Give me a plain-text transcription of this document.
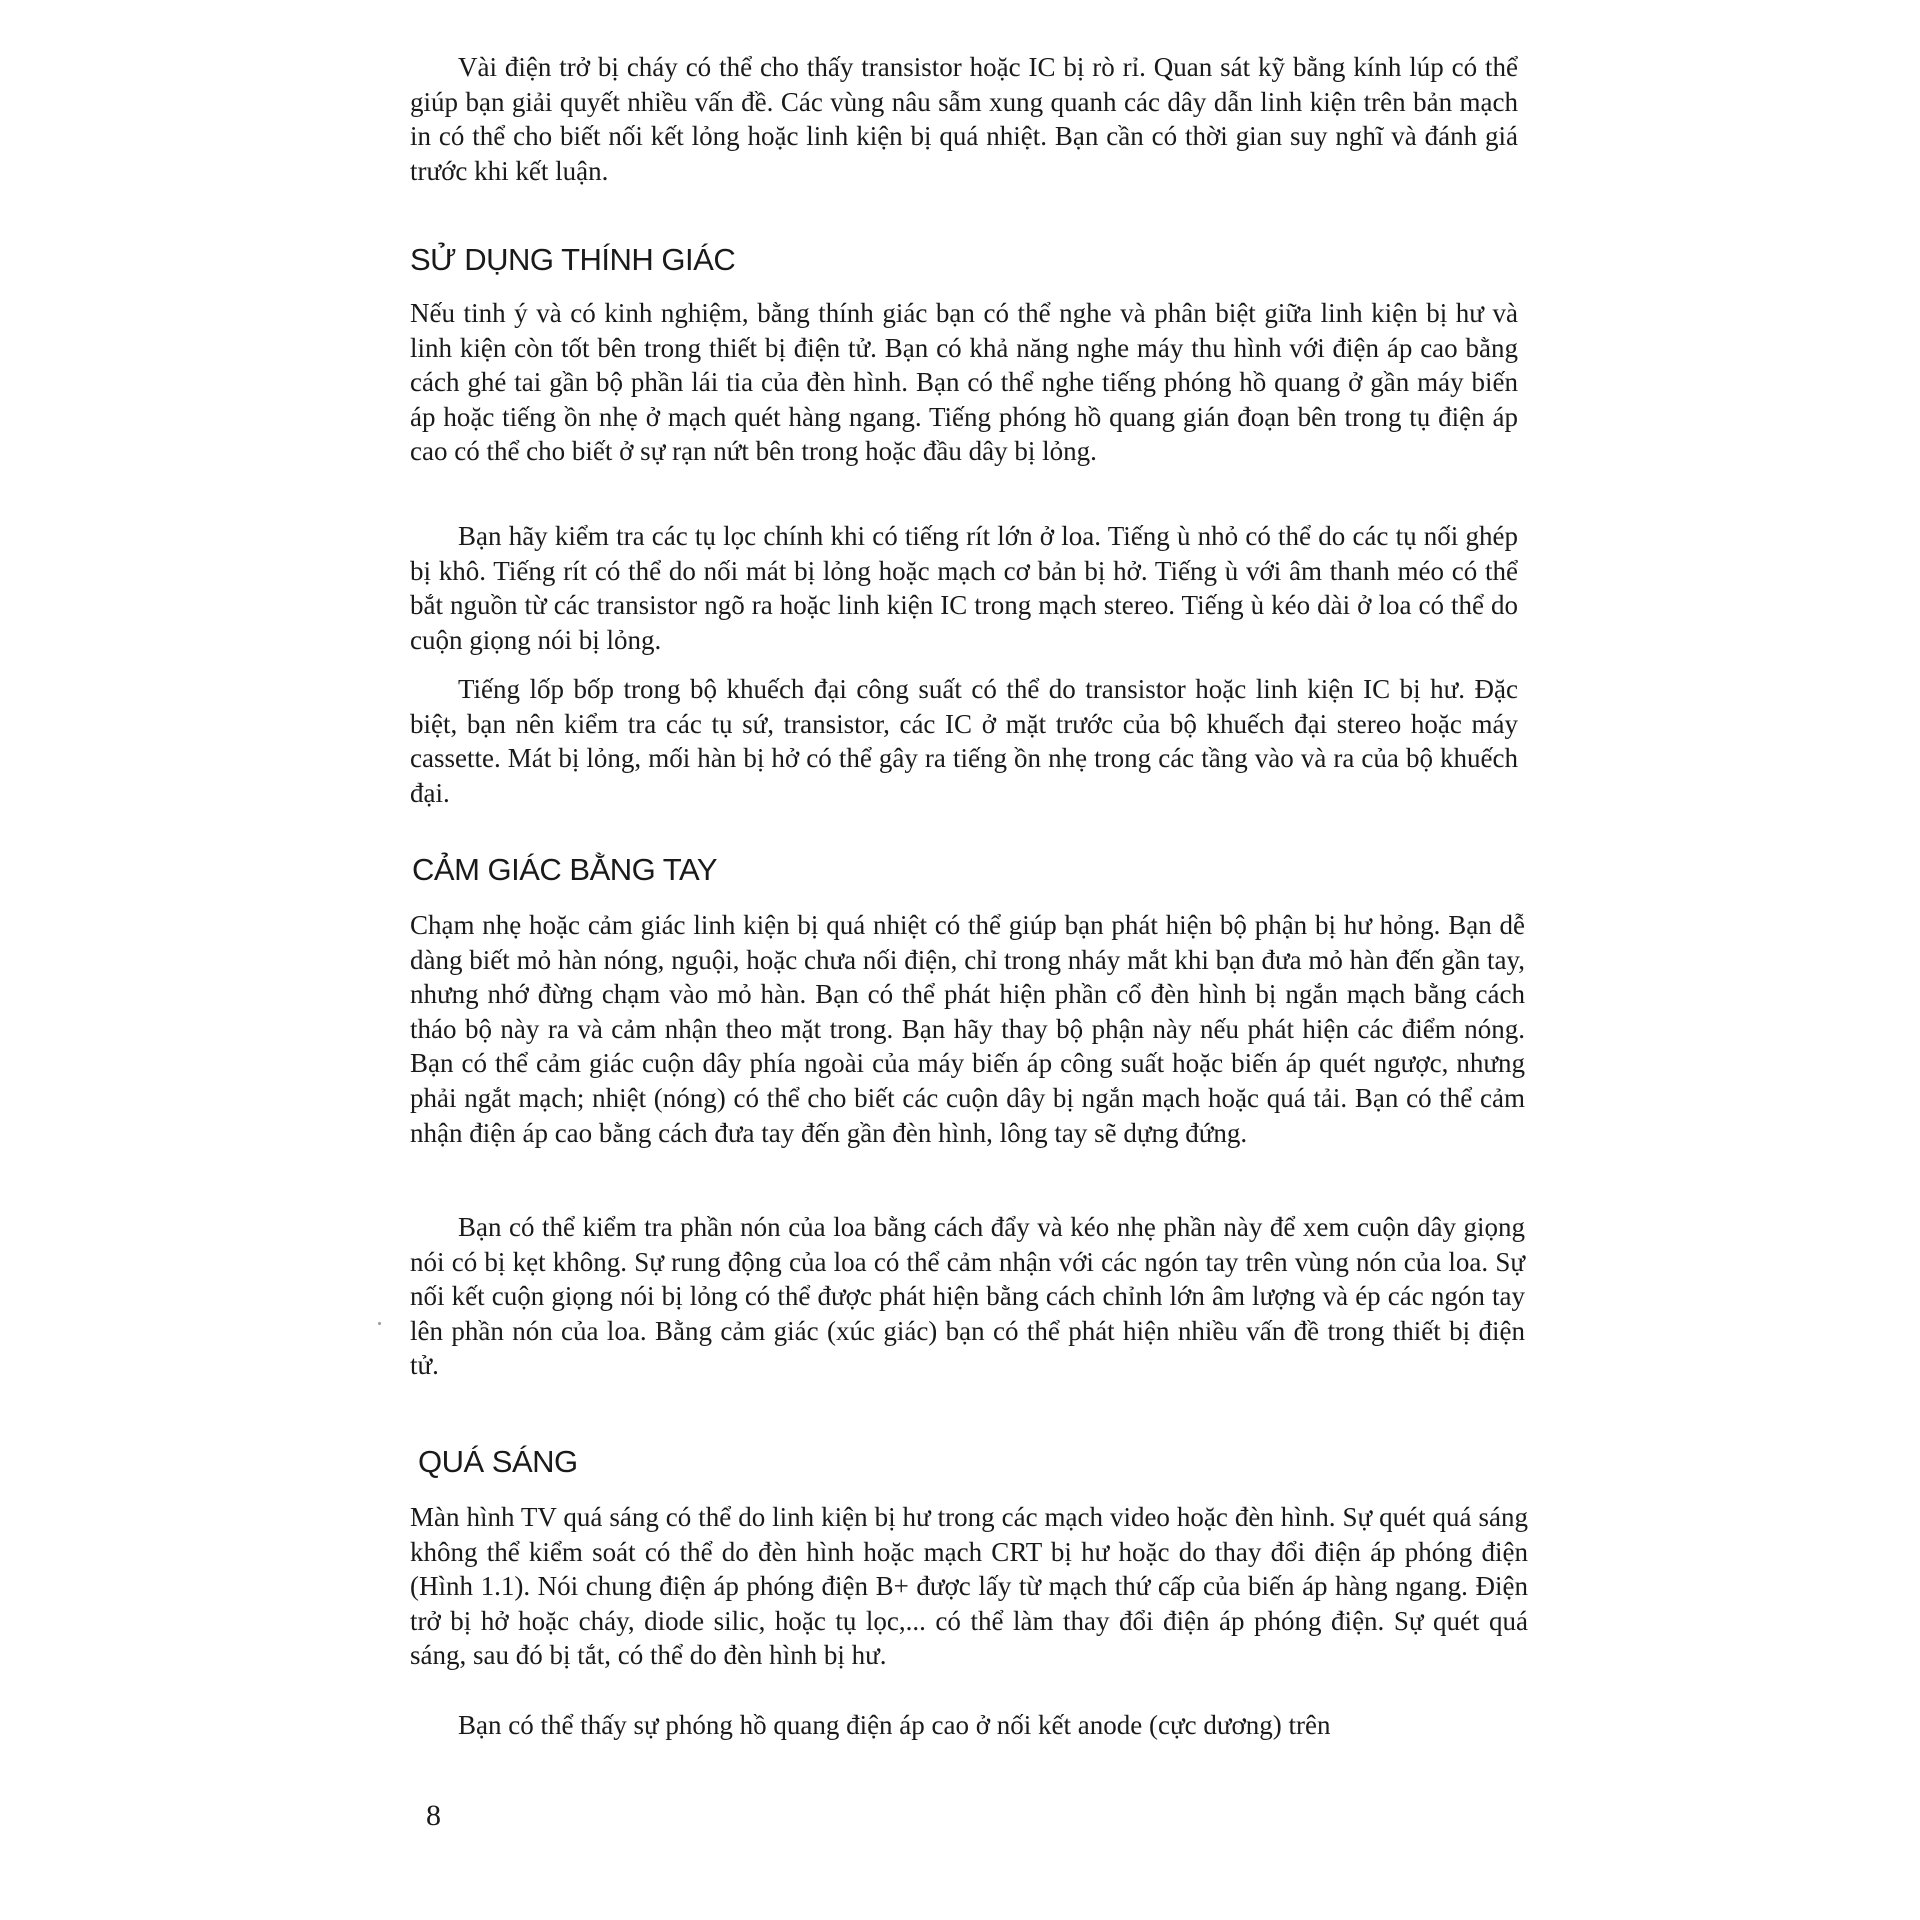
Vài điện trở bị cháy có thể cho thấy transistor hoặc IC bị rò rỉ. Quan sát kỹ bằng kính lúp có thể giúp bạn giải quyết nhiều vấn đề. Các vùng nâu sẫm xung quanh các dây dẫn linh kiện trên bản mạch in có thể cho biết nối kết lỏng hoặc linh kiện bị quá nhiệt. Bạn cần có thời gian suy nghĩ và đánh giá trước khi kết luận.

SỬ DỤNG THÍNH GIÁC

Nếu tinh ý và có kinh nghiệm, bằng thính giác bạn có thể nghe và phân biệt giữa linh kiện bị hư và linh kiện còn tốt bên trong thiết bị điện tử. Bạn có khả năng nghe máy thu hình với điện áp cao bằng cách ghé tai gần bộ phần lái tia của đèn hình. Bạn có thể nghe tiếng phóng hồ quang ở gần máy biến áp hoặc tiếng ồn nhẹ ở mạch quét hàng ngang. Tiếng phóng hồ quang gián đoạn bên trong tụ điện áp cao có thể cho biết ở sự rạn nứt bên trong hoặc đầu dây bị lỏng.

Bạn hãy kiểm tra các tụ lọc chính khi có tiếng rít lớn ở loa. Tiếng ù nhỏ có thể do các tụ nối ghép bị khô. Tiếng rít có thể do nối mát bị lỏng hoặc mạch cơ bản bị hở. Tiếng ù với âm thanh méo có thể bắt nguồn từ các transistor ngõ ra hoặc linh kiện IC trong mạch stereo. Tiếng ù kéo dài ở loa có thể do cuộn giọng nói bị lỏng.

Tiếng lốp bốp trong bộ khuếch đại công suất có thể do transistor hoặc linh kiện IC bị hư. Đặc biệt, bạn nên kiểm tra các tụ sứ, transistor, các IC ở mặt trước của bộ khuếch đại stereo hoặc máy cassette. Mát bị lỏng, mối hàn bị hở có thể gây ra tiếng ồn nhẹ trong các tầng vào và ra của bộ khuếch đại.

CẢM GIÁC BẰNG TAY

Chạm nhẹ hoặc cảm giác linh kiện bị quá nhiệt có thể giúp bạn phát hiện bộ phận bị hư hỏng. Bạn dễ dàng biết mỏ hàn nóng, nguội, hoặc chưa nối điện, chỉ trong nháy mắt khi bạn đưa mỏ hàn đến gần tay, nhưng nhớ đừng chạm vào mỏ hàn. Bạn có thể phát hiện phần cổ đèn hình bị ngắn mạch bằng cách tháo bộ này ra và cảm nhận theo mặt trong. Bạn hãy thay bộ phận này nếu phát hiện các điểm nóng. Bạn có thể cảm giác cuộn dây phía ngoài của máy biến áp công suất hoặc biến áp quét ngược, nhưng phải ngắt mạch; nhiệt (nóng) có thể cho biết các cuộn dây bị ngắn mạch hoặc quá tải. Bạn có thể cảm nhận điện áp cao bằng cách đưa tay đến gần đèn hình, lông tay sẽ dựng đứng.

Bạn có thể kiểm tra phần nón của loa bằng cách đẩy và kéo nhẹ phần này để xem cuộn dây giọng nói có bị kẹt không. Sự rung động của loa có thể cảm nhận với các ngón tay trên vùng nón của loa. Sự nối kết cuộn giọng nói bị lỏng có thể được phát hiện bằng cách chỉnh lớn âm lượng và ép các ngón tay lên phần nón của loa. Bằng cảm giác (xúc giác) bạn có thể phát hiện nhiều vấn đề trong thiết bị điện tử.

QUÁ SÁNG

Màn hình TV quá sáng có thể do linh kiện bị hư trong các mạch video hoặc đèn hình. Sự quét quá sáng không thể kiểm soát có thể do đèn hình hoặc mạch CRT bị hư hoặc do thay đổi điện áp phóng điện (Hình 1.1). Nói chung điện áp phóng điện B+ được lấy từ mạch thứ cấp của biến áp hàng ngang. Điện trở bị hở hoặc cháy, diode silic, hoặc tụ lọc,... có thể làm thay đổi điện áp phóng điện. Sự quét quá sáng, sau đó bị tắt, có thể do đèn hình bị hư.

Bạn có thể thấy sự phóng hồ quang điện áp cao ở nối kết anode (cực dương) trên

8
